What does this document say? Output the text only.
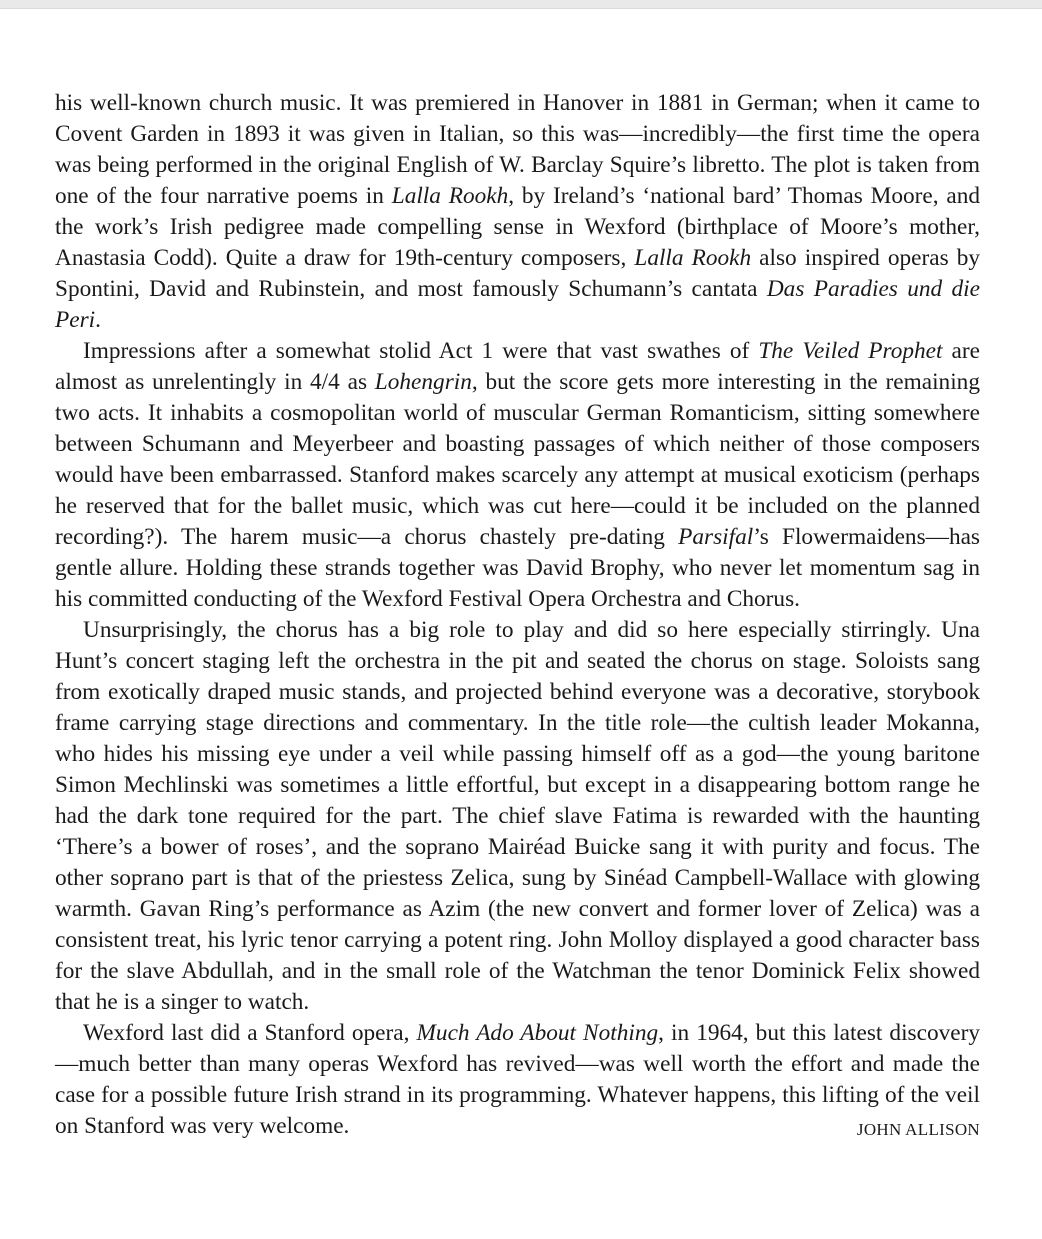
his well-known church music. It was premiered in Hanover in 1881 in German; when it came to Covent Garden in 1893 it was given in Italian, so this was—incredibly—the first time the opera was being performed in the original English of W. Barclay Squire’s libretto. The plot is taken from one of the four narrative poems in Lalla Rookh, by Ireland’s ‘national bard’ Thomas Moore, and the work’s Irish pedigree made compelling sense in Wexford (birthplace of Moore’s mother, Anastasia Codd). Quite a draw for 19th-century composers, Lalla Rookh also inspired operas by Spontini, David and Rubinstein, and most famously Schumann’s cantata Das Paradies und die Peri.

Impressions after a somewhat stolid Act 1 were that vast swathes of The Veiled Prophet are almost as unrelentingly in 4/4 as Lohengrin, but the score gets more interesting in the remaining two acts. It inhabits a cosmopolitan world of muscular German Romanticism, sitting somewhere between Schumann and Meyerbeer and boasting passages of which neither of those composers would have been embarrassed. Stanford makes scarcely any attempt at musical exoticism (perhaps he reserved that for the ballet music, which was cut here—could it be included on the planned recording?). The harem music—a chorus chastely pre-dating Parsifal’s Flowermaidens—has gentle allure. Holding these strands together was David Brophy, who never let momentum sag in his committed conducting of the Wexford Festival Opera Orchestra and Chorus.

Unsurprisingly, the chorus has a big role to play and did so here especially stirringly. Una Hunt’s concert staging left the orchestra in the pit and seated the chorus on stage. Soloists sang from exotically draped music stands, and projected behind everyone was a decorative, storybook frame carrying stage directions and commentary. In the title role—the cultish leader Mokanna, who hides his missing eye under a veil while passing himself off as a god—the young baritone Simon Mechlinski was sometimes a little effortful, but except in a disappearing bottom range he had the dark tone required for the part. The chief slave Fatima is rewarded with the haunting ‘There’s a bower of roses’, and the soprano Mairéad Buicke sang it with purity and focus. The other soprano part is that of the priestess Zelica, sung by Sinéad Campbell-Wallace with glowing warmth. Gavan Ring’s performance as Azim (the new convert and former lover of Zelica) was a consistent treat, his lyric tenor carrying a potent ring. John Molloy displayed a good character bass for the slave Abdullah, and in the small role of the Watchman the tenor Dominick Felix showed that he is a singer to watch.

Wexford last did a Stanford opera, Much Ado About Nothing, in 1964, but this latest discovery—much better than many operas Wexford has revived—was well worth the effort and made the case for a possible future Irish strand in its programming. Whatever happens, this lifting of the veil on Stanford was very welcome.	JOHN ALLISON
